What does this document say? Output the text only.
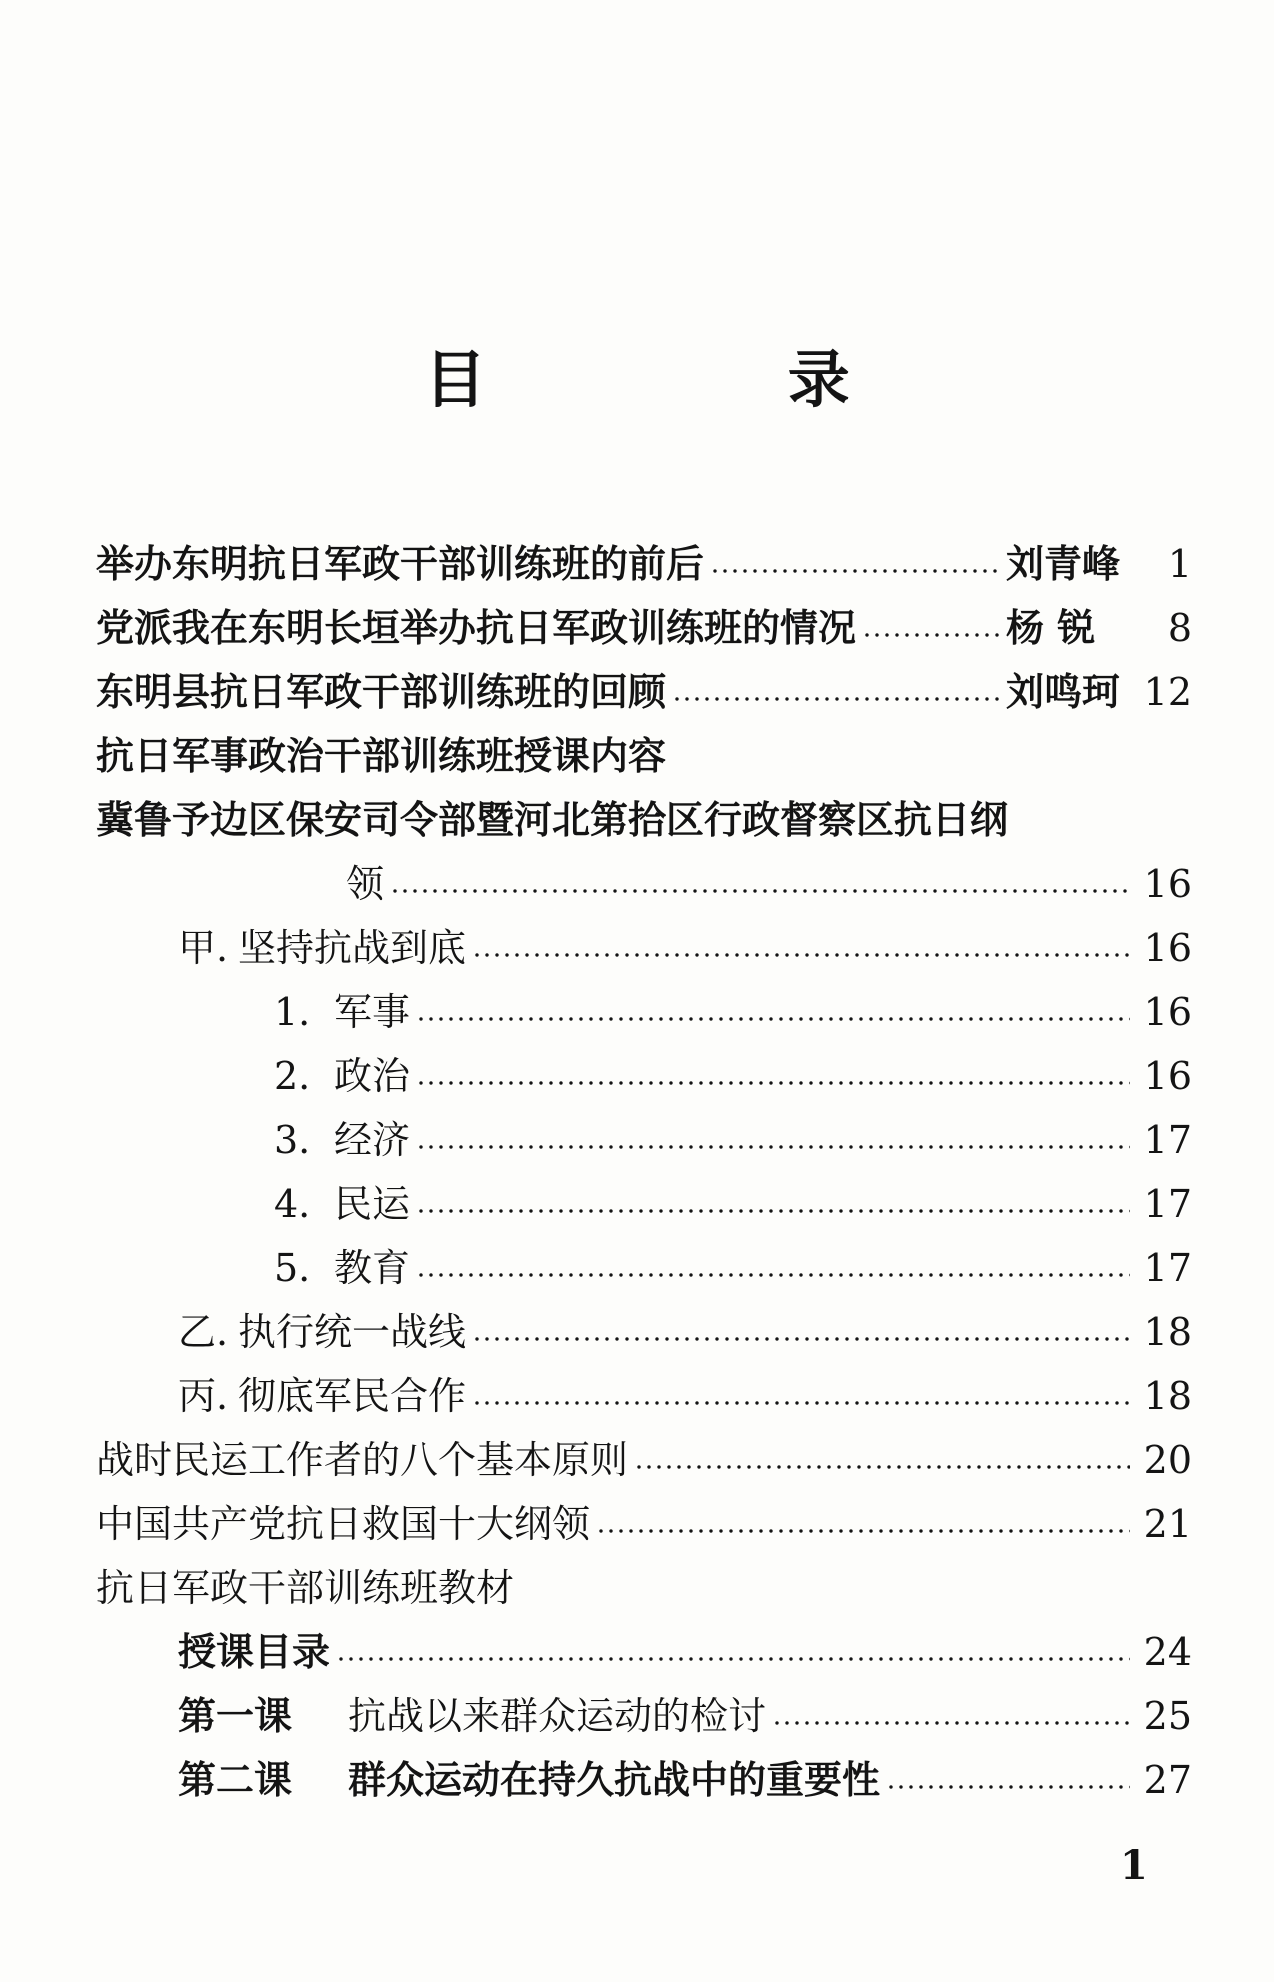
目 录
举办东明抗日军政干部训练班的前后	刘青峰	1
党派我在东明长垣举办抗日军政训练班的情况	杨 锐	8
东明县抗日军政干部训练班的回顾	刘鸣珂 12
抗日军事政治干部训练班授课内容
冀鲁予边区保安司令部暨河北第拾区行政督察区抗日纲
领	16
甲. 坚持抗战到底	16
1. 军事	16
2. 政治	16
3. 经济	17
4. 民运	17
5. 教育	17
乙. 执行统一战线	18
丙. 彻底军民合作	18
战时民运工作者的八个基本原则	20
中国共产党抗日救国十大纲领	21
抗日军政干部训练班教材
授课目录	24
第一课 抗战以来群众运动的检讨	25
第二课 群众运动在持久抗战中的重要性	27
1
